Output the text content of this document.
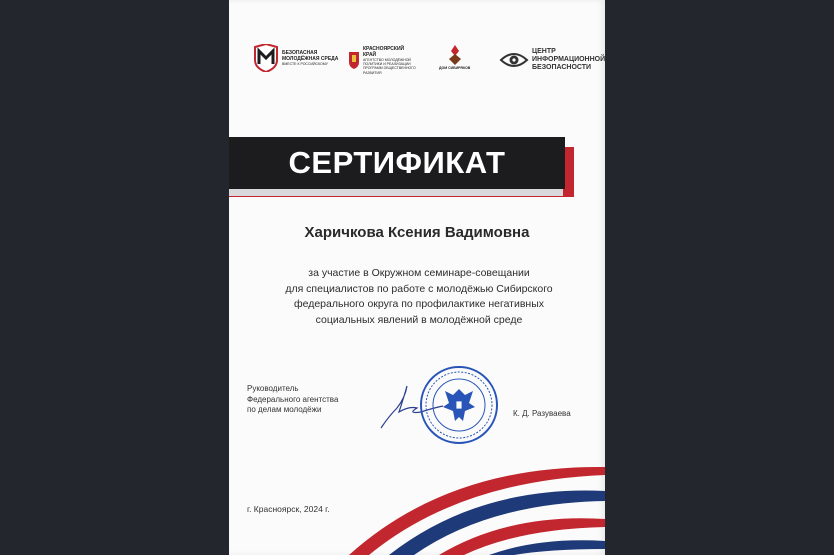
БЕЗОПАСНАЯ
МОЛОДЁЖНАЯ СРЕДА
ВМЕСТЕ К РОССИЙСКОМУ
КРАСНОЯРСКИЙ
КРАЙ
АГЕНТСТВО МОЛОДЁЖНОЙ
ПОЛИТИКИ И РЕАЛИЗАЦИИ
ПРОГРАММ ОБЩЕСТВЕННОГО
РАЗВИТИЯ
ДОМ СИБИРЯКОВ
ЦЕНТР
ИНФОРМАЦИОННОЙ
БЕЗОПАСНОСТИ
СЕРТИФИКАТ
Харичкова Ксения Вадимовна
за участие в Окружном семинаре-совещании
для специалистов по работе с молодёжью Сибирского
федерального округа по профилактике негативных
социальных явлений в молодёжной среде
Руководитель
Федерального агентства
по делам молодёжи	К. Д. Разуваева
г. Красноярск, 2024 г.
